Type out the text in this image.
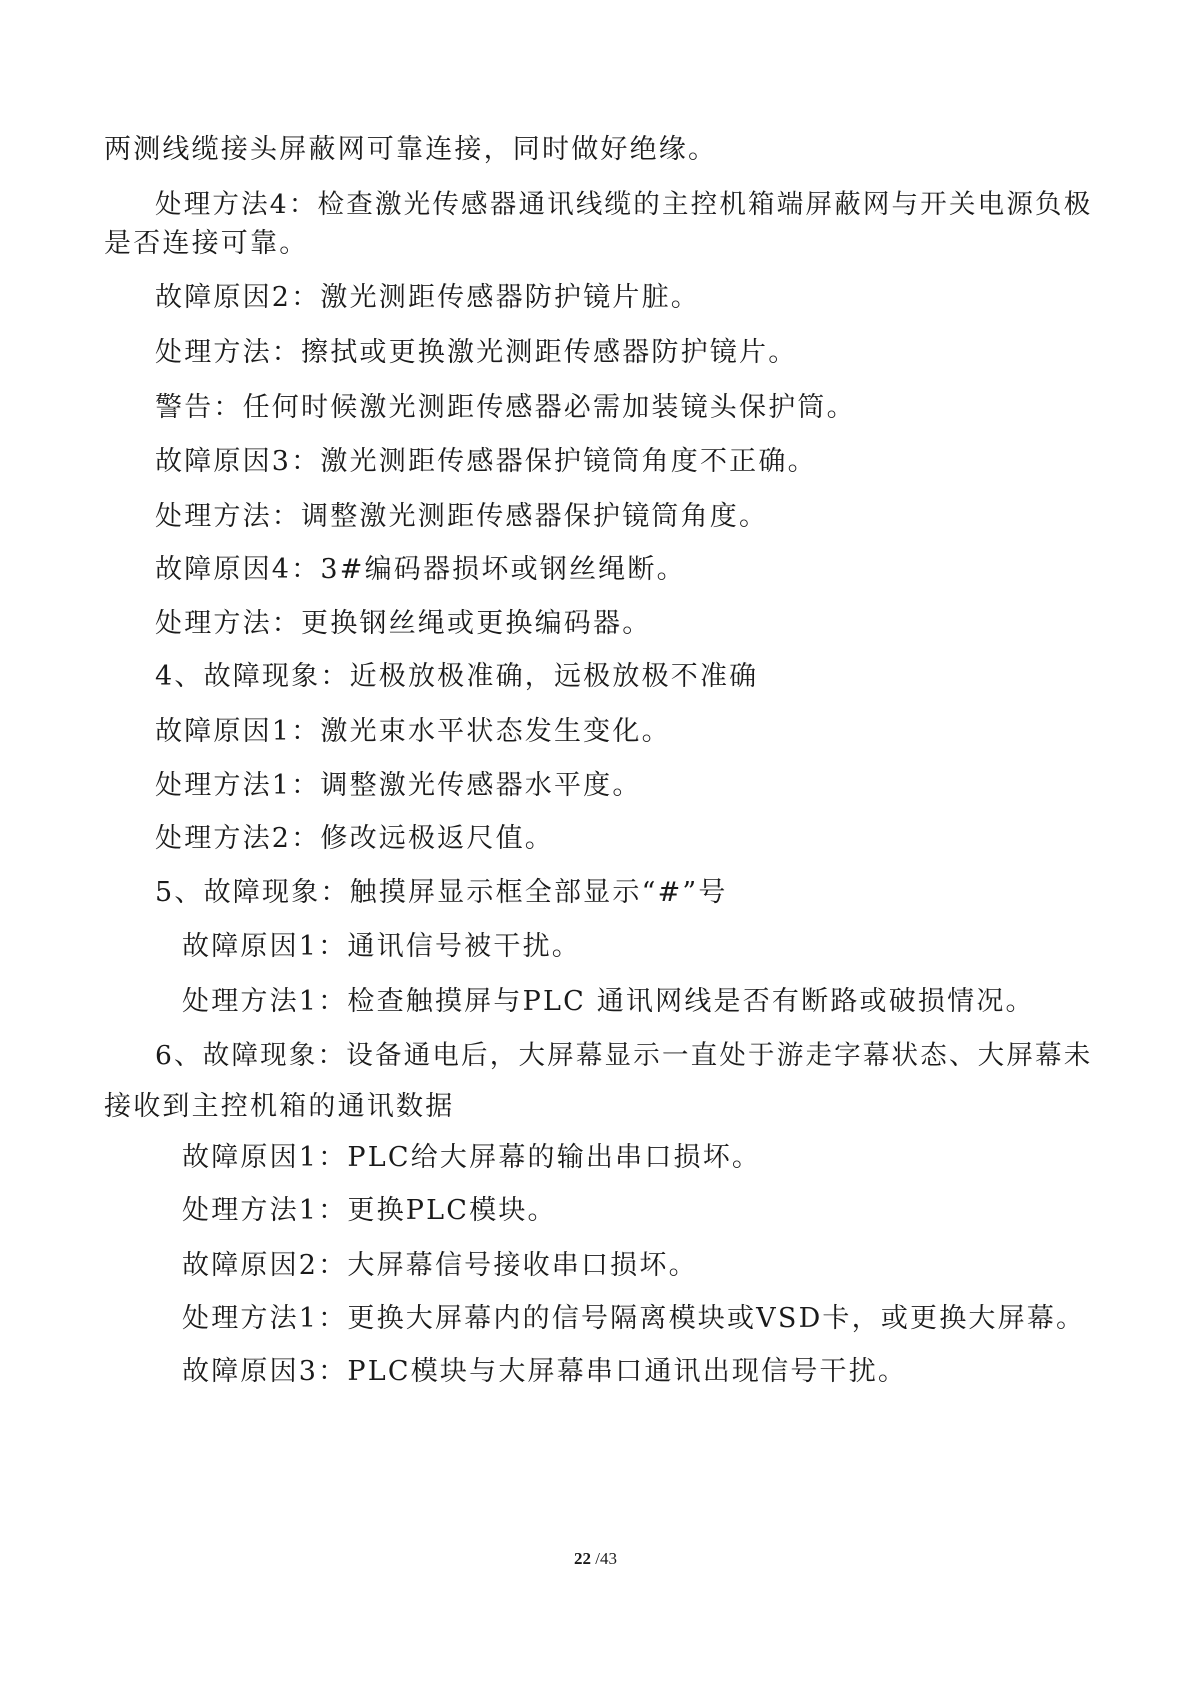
两测线缆接头屏蔽网可靠连接，同时做好绝缘。
处理方法4：检查激光传感器通讯线缆的主控机箱端屏蔽网与开关电源负极
是否连接可靠。
故障原因2：激光测距传感器防护镜片脏。
处理方法：擦拭或更换激光测距传感器防护镜片。
警告：任何时候激光测距传感器必需加装镜头保护筒。
故障原因3：激光测距传感器保护镜筒角度不正确。
处理方法：调整激光测距传感器保护镜筒角度。
故障原因4：3#编码器损坏或钢丝绳断。
处理方法：更换钢丝绳或更换编码器。
4、故障现象：近极放极准确，远极放极不准确
故障原因1：激光束水平状态发生变化。
处理方法1：调整激光传感器水平度。
处理方法2：修改远极返尺值。
5、故障现象：触摸屏显示框全部显示“#”号
故障原因1：通讯信号被干扰。
处理方法1：检查触摸屏与PLC 通讯网线是否有断路或破损情况。
6、故障现象：设备通电后，大屏幕显示一直处于游走字幕状态、大屏幕未
接收到主控机箱的通讯数据
故障原因1：PLC给大屏幕的输出串口损坏。
处理方法1：更换PLC模块。
故障原因2：大屏幕信号接收串口损坏。
处理方法1：更换大屏幕内的信号隔离模块或VSD卡，或更换大屏幕。
故障原因3：PLC模块与大屏幕串口通讯出现信号干扰。
22 /43
